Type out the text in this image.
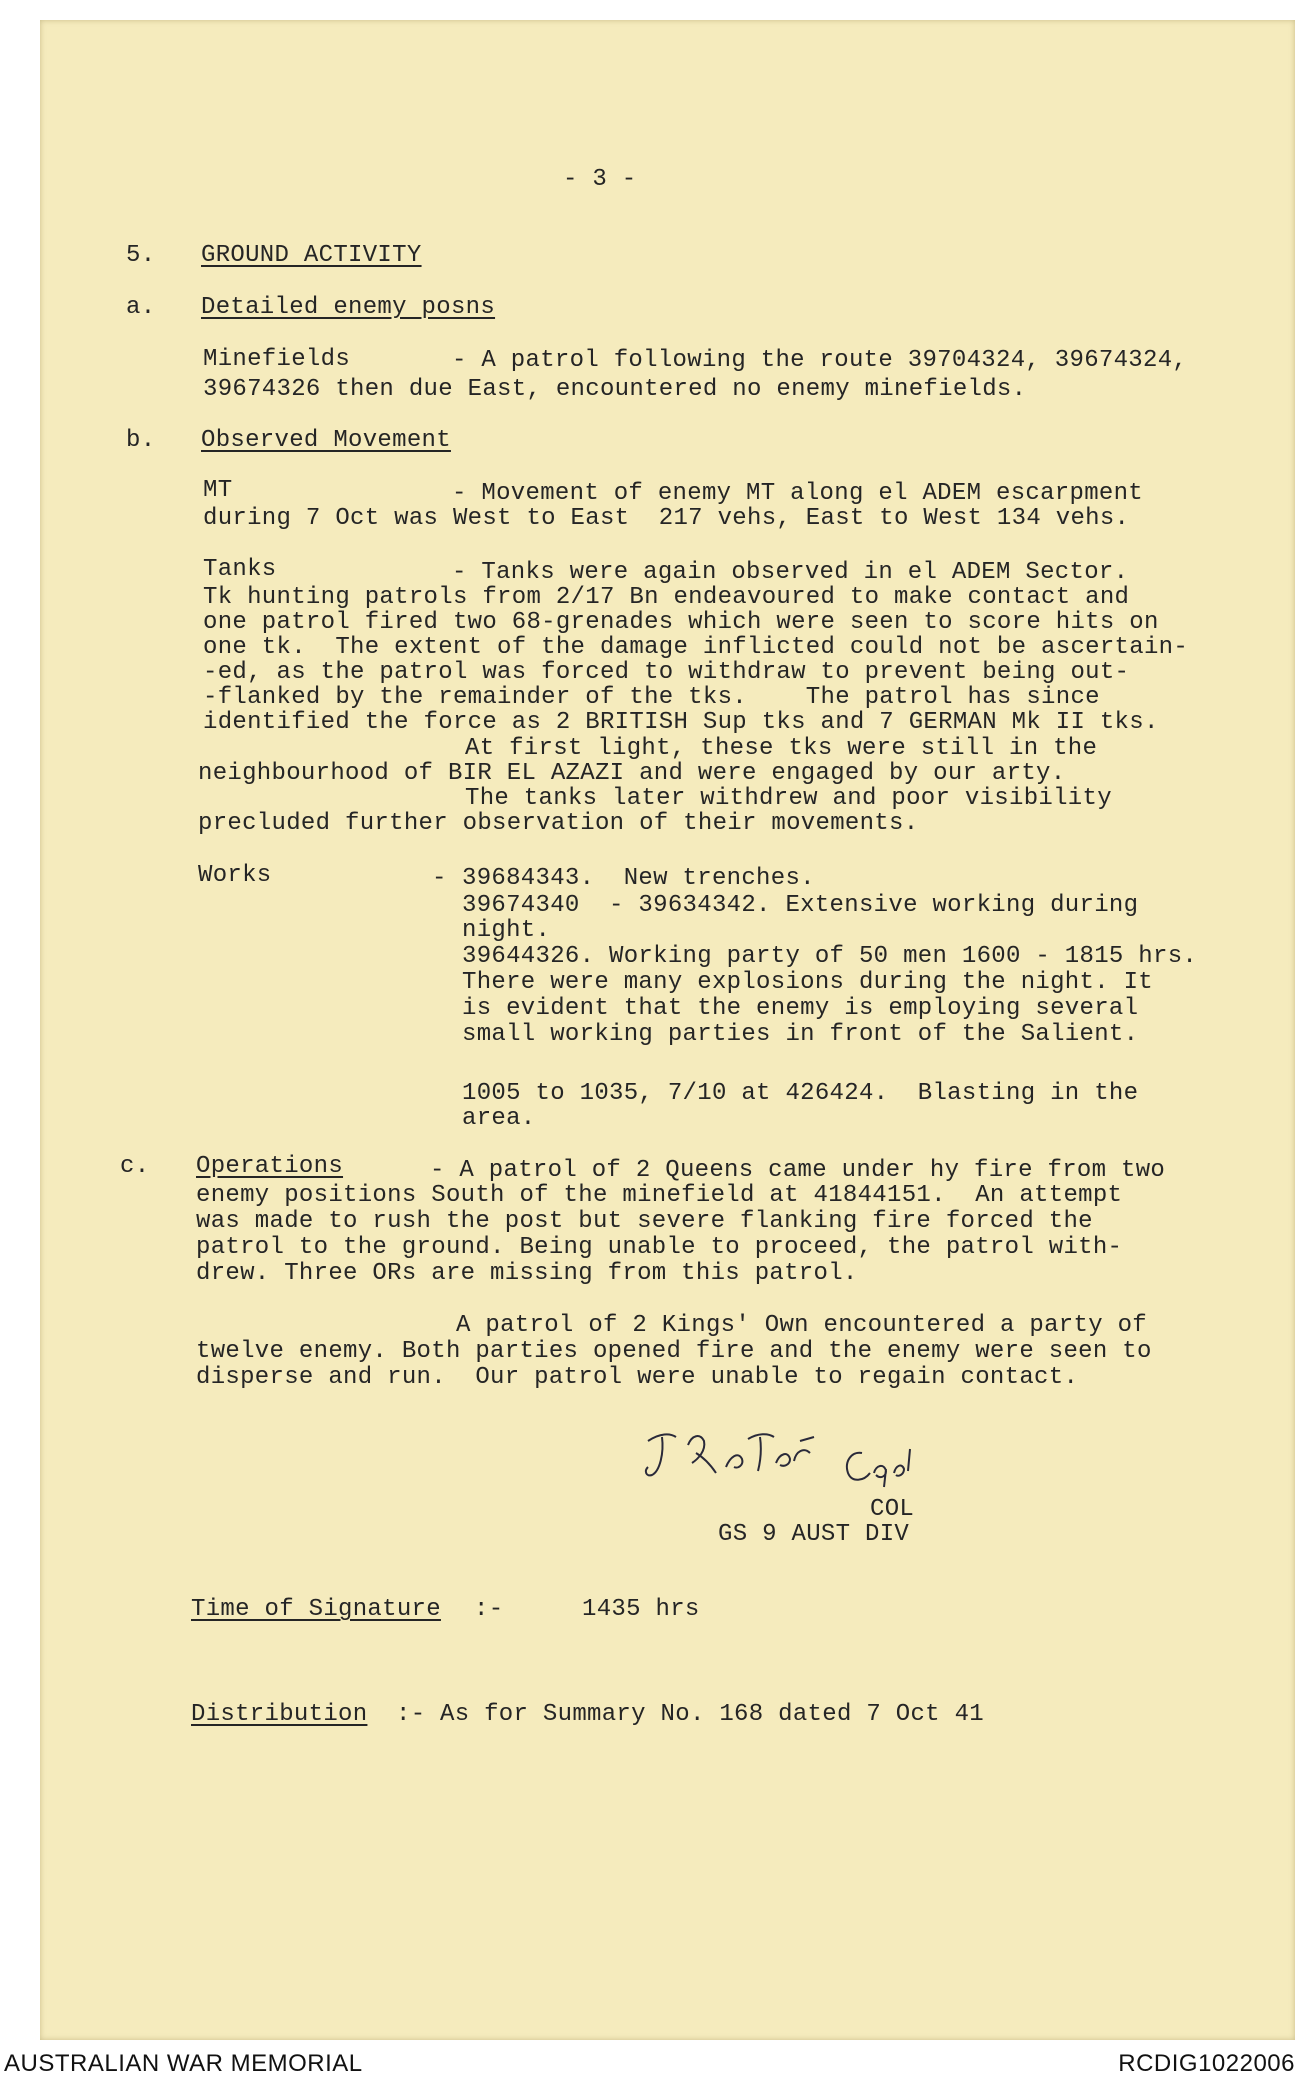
- 3 -
5. GROUND ACTIVITY
a. Detailed enemy posns
Minefields	- A patrol following the route 39704324, 39674324,
39674326 then due East, encountered no enemy minefields.
b. Observed Movement
MT	- Movement of enemy MT along el ADEM escarpment
during 7 Oct was West to East  217 vehs, East to West 134 vehs.
Tanks	- Tanks were again observed in el ADEM Sector.
Tk hunting patrols from 2/17 Bn endeavoured to make contact and
one patrol fired two 68-grenades which were seen to score hits on
one tk.  The extent of the damage inflicted could not be ascertain-
-ed, as the patrol was forced to withdraw to prevent being out-
-flanked by the remainder of the tks.    The patrol has since
identified the force as 2 BRITISH Sup tks and 7 GERMAN Mk II tks.
At first light, these tks were still in the
neighbourhood of BIR EL AZAZI and were engaged by our arty.
The tanks later withdrew and poor visibility
precluded further observation of their movements.
Works	- 39684343.  New trenches.
39674340  - 39634342. Extensive working during
night.
39644326. Working party of 50 men 1600 - 1815 hrs.
There were many explosions during the night. It
is evident that the enemy is employing several
small working parties in front of the Salient.
1005 to 1035, 7/10 at 426424.  Blasting in the
area.
c. Operations	- A patrol of 2 Queens came under hy fire from two
enemy positions South of the minefield at 41844151.  An attempt
was made to rush the post but severe flanking fire forced the
patrol to the ground. Being unable to proceed, the patrol with-
drew. Three ORs are missing from this patrol.
A patrol of 2 Kings' Own encountered a party of
twelve enemy. Both parties opened fire and the enemy were seen to
disperse and run.  Our patrol were unable to regain contact.
COL
GS 9 AUST DIV
Time of Signature :-	1435 hrs
Distribution :- As for Summary No. 168 dated 7 Oct 41
AUSTRALIAN WAR MEMORIAL	RCDIG1022006
